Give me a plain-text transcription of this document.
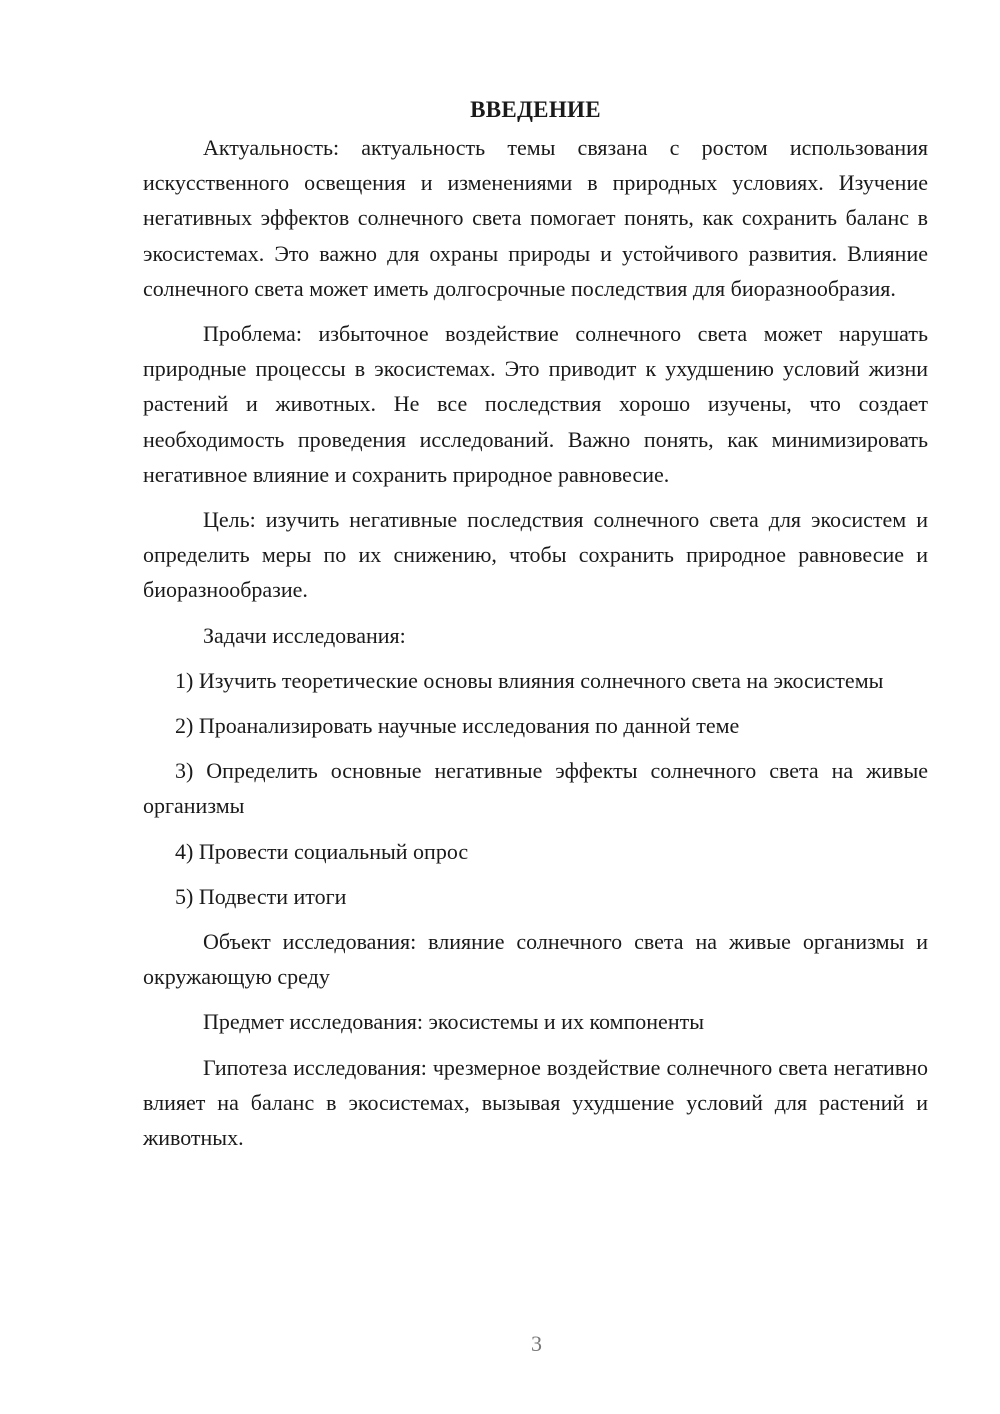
ВВЕДЕНИЕ

Актуальность: актуальность темы связана с ростом использования искусственного освещения и изменениями в природных условиях. Изучение негативных эффектов солнечного света помогает понять, как сохранить баланс в экосистемах. Это важно для охраны природы и устойчивого развития. Влияние солнечного света может иметь долгосрочные последствия для биоразнообразия.

Проблема: избыточное воздействие солнечного света может нарушать природные процессы в экосистемах. Это приводит к ухудшению условий жизни растений и животных. Не все последствия хорошо изучены, что создает необходимость проведения исследований. Важно понять, как минимизировать негативное влияние и сохранить природное равновесие.

Цель: изучить негативные последствия солнечного света для экосистем и определить меры по их снижению, чтобы сохранить природное равновесие и биоразнообразие.

Задачи исследования:

1) Изучить теоретические основы влияния солнечного света на экосистемы

2) Проанализировать научные исследования по данной теме

3) Определить основные негативные эффекты солнечного света на живые организмы

4) Провести социальный опрос

5) Подвести итоги

Объект исследования: влияние солнечного света на живые организмы и окружающую среду

Предмет исследования: экосистемы и их компоненты

Гипотеза исследования: чрезмерное воздействие солнечного света негативно влияет на баланс в экосистемах, вызывая ухудшение условий для растений и животных.

3
